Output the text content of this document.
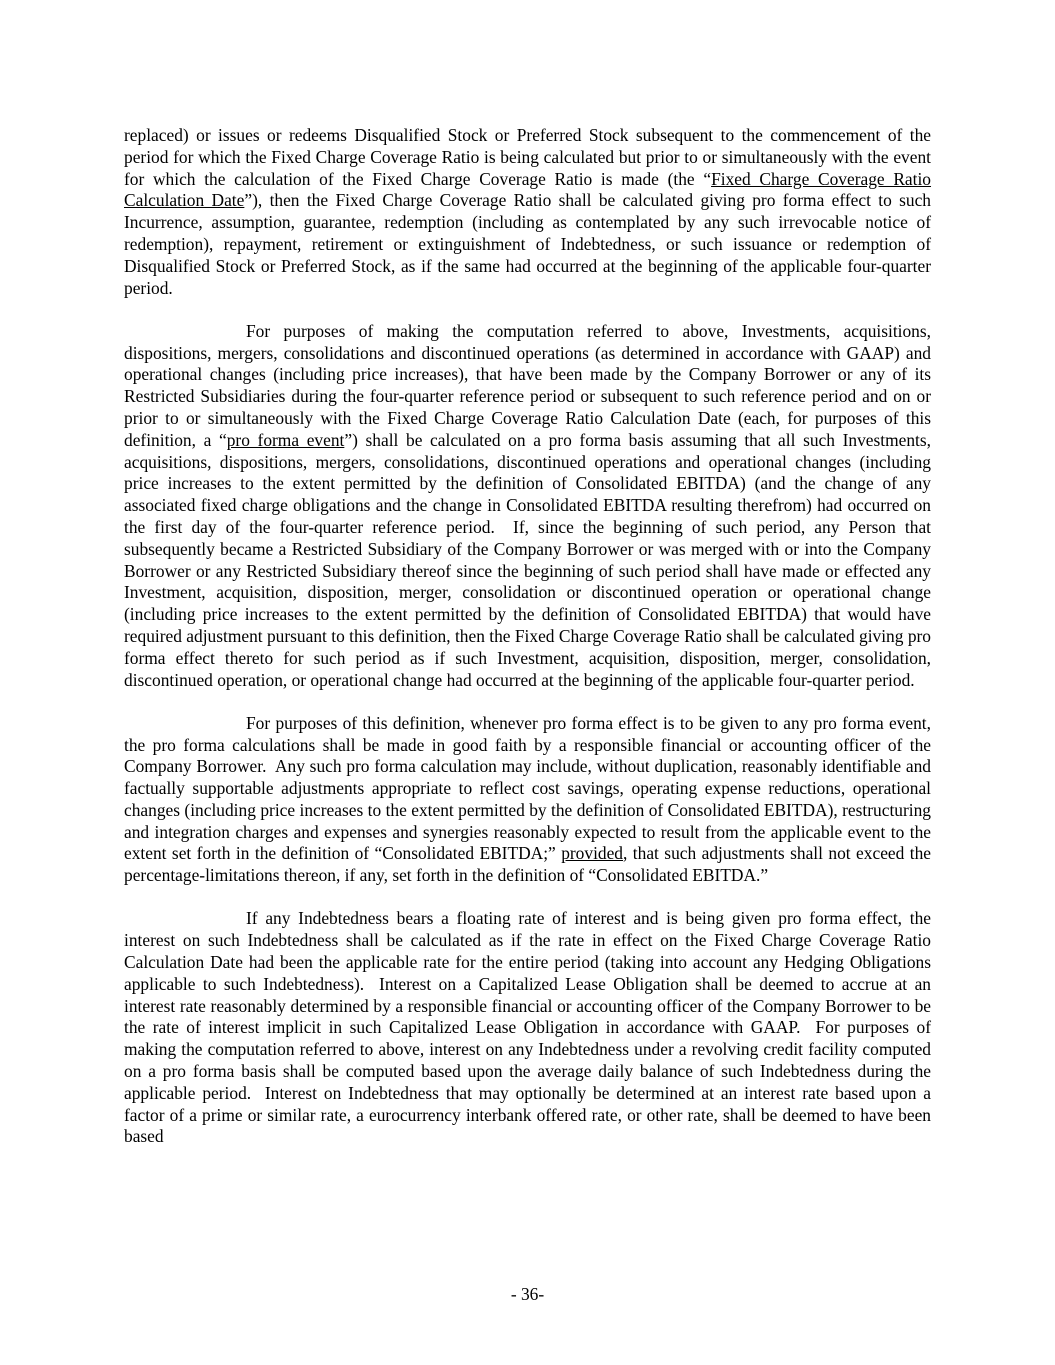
replaced) or issues or redeems Disqualified Stock or Preferred Stock subsequent to the commencement of the period for which the Fixed Charge Coverage Ratio is being calculated but prior to or simultaneously with the event for which the calculation of the Fixed Charge Coverage Ratio is made (the “Fixed Charge Coverage Ratio Calculation Date”), then the Fixed Charge Coverage Ratio shall be calculated giving pro forma effect to such Incurrence, assumption, guarantee, redemption (including as contemplated by any such irrevocable notice of redemption), repayment, retirement or extinguishment of Indebtedness, or such issuance or redemption of Disqualified Stock or Preferred Stock, as if the same had occurred at the beginning of the applicable four-quarter period.

For purposes of making the computation referred to above, Investments, acquisitions, dispositions, mergers, consolidations and discontinued operations (as determined in accordance with GAAP) and operational changes (including price increases), that have been made by the Company Borrower or any of its Restricted Subsidiaries during the four-quarter reference period or subsequent to such reference period and on or prior to or simultaneously with the Fixed Charge Coverage Ratio Calculation Date (each, for purposes of this definition, a “pro forma event”) shall be calculated on a pro forma basis assuming that all such Investments, acquisitions, dispositions, mergers, consolidations, discontinued operations and operational changes (including price increases to the extent permitted by the definition of Consolidated EBITDA) (and the change of any associated fixed charge obligations and the change in Consolidated EBITDA resulting therefrom) had occurred on the first day of the four-quarter reference period.  If, since the beginning of such period, any Person that subsequently became a Restricted Subsidiary of the Company Borrower or was merged with or into the Company Borrower or any Restricted Subsidiary thereof since the beginning of such period shall have made or effected any Investment, acquisition, disposition, merger, consolidation or discontinued operation or operational change (including price increases to the extent permitted by the definition of Consolidated EBITDA) that would have required adjustment pursuant to this definition, then the Fixed Charge Coverage Ratio shall be calculated giving pro forma effect thereto for such period as if such Investment, acquisition, disposition, merger, consolidation, discontinued operation, or operational change had occurred at the beginning of the applicable four-quarter period.

For purposes of this definition, whenever pro forma effect is to be given to any pro forma event, the pro forma calculations shall be made in good faith by a responsible financial or accounting officer of the Company Borrower.  Any such pro forma calculation may include, without duplication, reasonably identifiable and factually supportable adjustments appropriate to reflect cost savings, operating expense reductions, operational changes (including price increases to the extent permitted by the definition of Consolidated EBITDA), restructuring and integration charges and expenses and synergies reasonably expected to result from the applicable event to the extent set forth in the definition of “Consolidated EBITDA;” provided, that such adjustments shall not exceed the percentage-limitations thereon, if any, set forth in the definition of “Consolidated EBITDA.”

If any Indebtedness bears a floating rate of interest and is being given pro forma effect, the interest on such Indebtedness shall be calculated as if the rate in effect on the Fixed Charge Coverage Ratio Calculation Date had been the applicable rate for the entire period (taking into account any Hedging Obligations applicable to such Indebtedness).  Interest on a Capitalized Lease Obligation shall be deemed to accrue at an interest rate reasonably determined by a responsible financial or accounting officer of the Company Borrower to be the rate of interest implicit in such Capitalized Lease Obligation in accordance with GAAP.  For purposes of making the computation referred to above, interest on any Indebtedness under a revolving credit facility computed on a pro forma basis shall be computed based upon the average daily balance of such Indebtedness during the applicable period.  Interest on Indebtedness that may optionally be determined at an interest rate based upon a factor of a prime or similar rate, a eurocurrency interbank offered rate, or other rate, shall be deemed to have been based

- 36-
